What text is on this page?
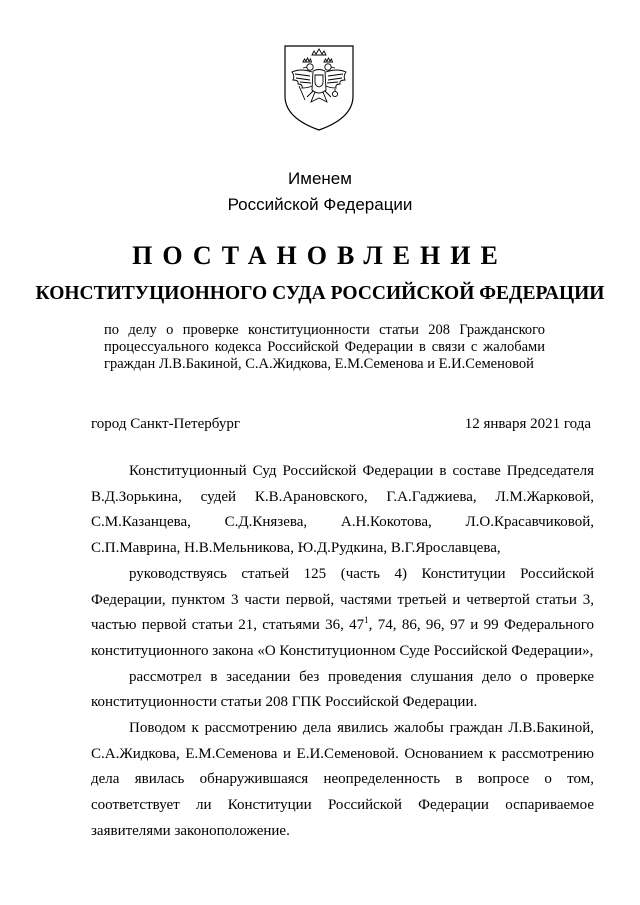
Именем
Российской Федерации
ПОСТАНОВЛЕНИЕ
КОНСТИТУЦИОННОГО СУДА РОССИЙСКОЙ ФЕДЕРАЦИИ
по делу о проверке конституционности статьи 208 Гражданского процессуального кодекса Российской Федерации в связи с жалобами граждан Л.В.Бакиной, С.А.Жидкова, Е.М.Семенова и Е.И.Семеновой
город Санкт-Петербург	12 января 2021 года

Конституционный Суд Российской Федерации в составе Председателя В.Д.Зорькина, судей К.В.Арановского, Г.А.Гаджиева, Л.М.Жарковой, С.М.Казанцева, С.Д.Князева, А.Н.Кокотова, Л.О.Красавчиковой, С.П.Маврина, Н.В.Мельникова, Ю.Д.Рудкина, В.Г.Ярославцева,

руководствуясь статьей 125 (часть 4) Конституции Российской Федерации, пунктом 3 части первой, частями третьей и четвертой статьи 3, частью первой статьи 21, статьями 36, $47^1$, 74, 86, 96, 97 и 99 Федерального конституционного закона «О Конституционном Суде Российской Федерации»,

рассмотрел в заседании без проведения слушания дело о проверке конституционности статьи 208 ГПК Российской Федерации.

Поводом к рассмотрению дела явились жалобы граждан Л.В.Бакиной, С.А.Жидкова, Е.М.Семенова и Е.И.Семеновой. Основанием к рассмотрению дела явилась обнаружившаяся неопределенность в вопросе о том, соответствует ли Конституции Российской Федерации оспариваемое заявителями законоположение.
